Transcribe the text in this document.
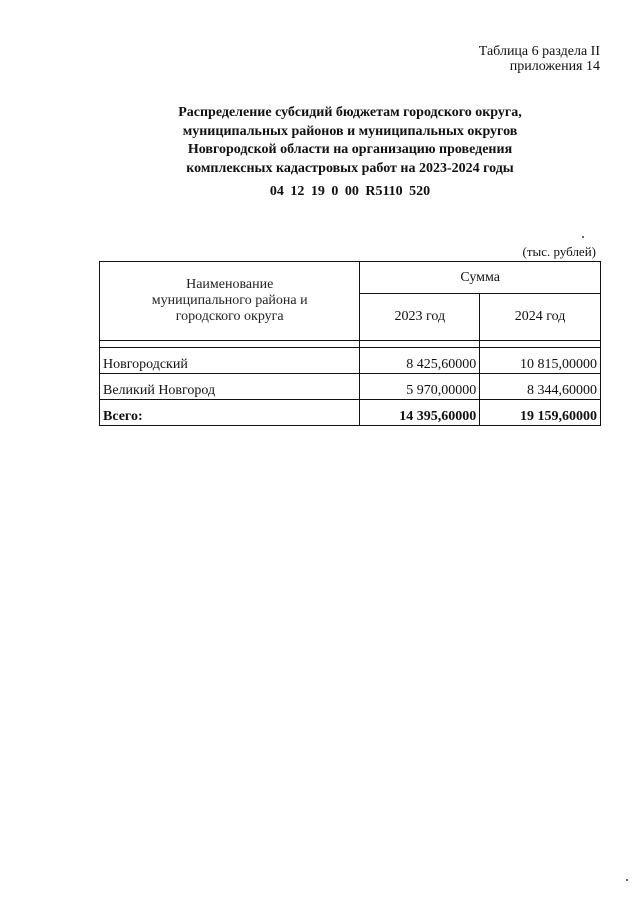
Таблица 6 раздела II
приложения 14
Распределение субсидий бюджетам городского округа,
муниципальных районов и муниципальных округов
Новгородской области на организацию проведения
комплексных кадастровых работ на 2023-2024 годы
04 12 19 0 00 R5110 520
(тыс. рублей)
Наименование
муниципального района и
городского округа	Сумма	
	2023 год	2024 год

Новгородский	8 425,60000	10 815,00000
Великий Новгород	5 970,00000	8 344,60000
Всего:	14 395,60000	19 159,60000
